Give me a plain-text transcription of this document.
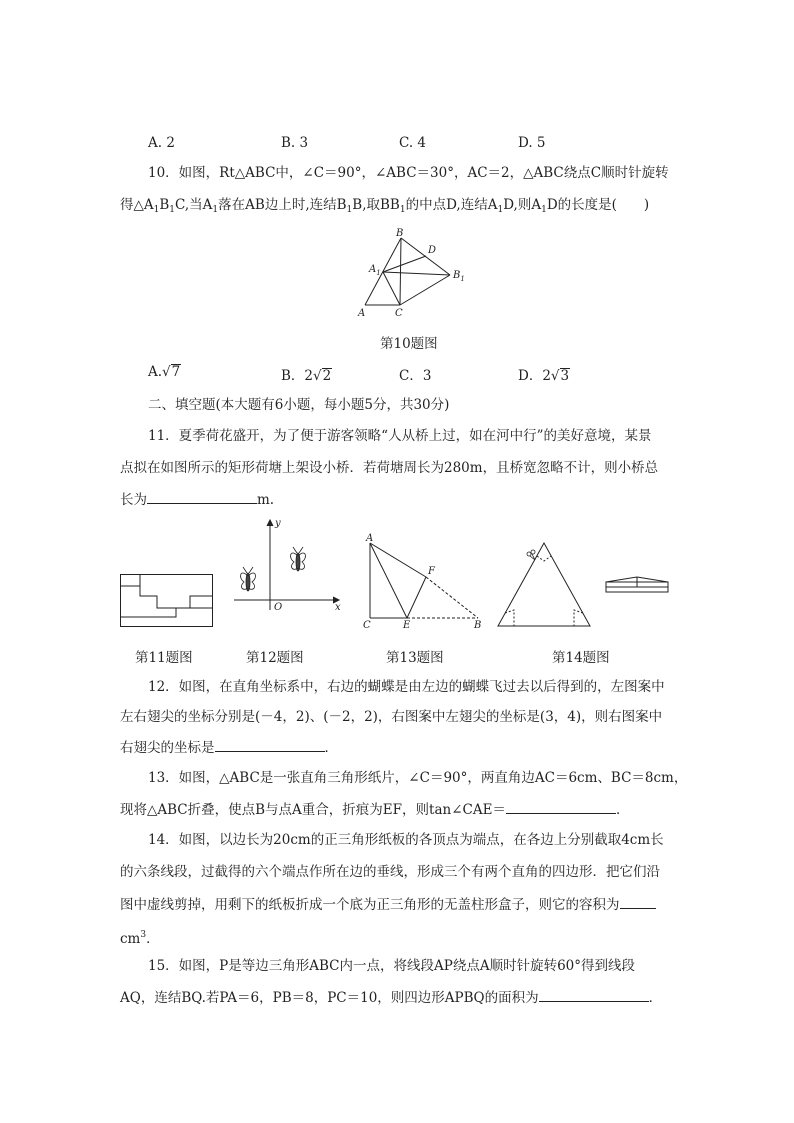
A. 2	B. 3	C. 4	D. 5
10．如图，Rt△ABC中，∠C＝90°，∠ABC＝30°，AC＝2，△ABC绕点C顺时针旋转
得$\triangle A_1B_1C$,当$A_1$落在AB边上时,连结$B_1B$,取$BB_1$的中点D,连结$A_1D$,则$A_1D$的长度是(　　)
B
D
$A_1$	$B_1$
A	C
第10题图
A.√7	B．2√2	C．3	D．2√3
二、填空题(本大题有6小题，每小题5分，共30分)
11．夏季荷花盛开，为了便于游客领略“人从桥上过，如在河中行”的美好意境，某景
点拟在如图所示的矩形荷塘上架设小桥．若荷塘周长为280m，且桥宽忽略不计，则小桥总
长为	m.
y
x
O
A
F
C	E	B
第11题图	第12题图	第13题图	第14题图
12．如图，在直角坐标系中，右边的蝴蝶是由左边的蝴蝶飞过去以后得到的，左图案中
左右翅尖的坐标分别是(－4，2)、(－2，2)，右图案中左翅尖的坐标是(3，4)，则右图案中
右翅尖的坐标是	．
13．如图，△ABC是一张直角三角形纸片，∠C＝90°，两直角边AC＝6cm、BC＝8cm，
现将△ABC折叠，使点B与点A重合，折痕为EF，则tan∠CAE＝	．
14．如图，以边长为20cm的正三角形纸板的各顶点为端点，在各边上分别截取4cm长
的六条线段，过截得的六个端点作所在边的垂线，形成三个有两个直角的四边形．把它们沿
图中虚线剪掉，用剩下的纸板折成一个底为正三角形的无盖柱形盒子，则它的容积为
$cm^3$．
15．如图，P是等边三角形ABC内一点，将线段AP绕点A顺时针旋转60°得到线段
AQ，连结BQ.若PA＝6，PB＝8，PC＝10，则四边形APBQ的面积为	．
